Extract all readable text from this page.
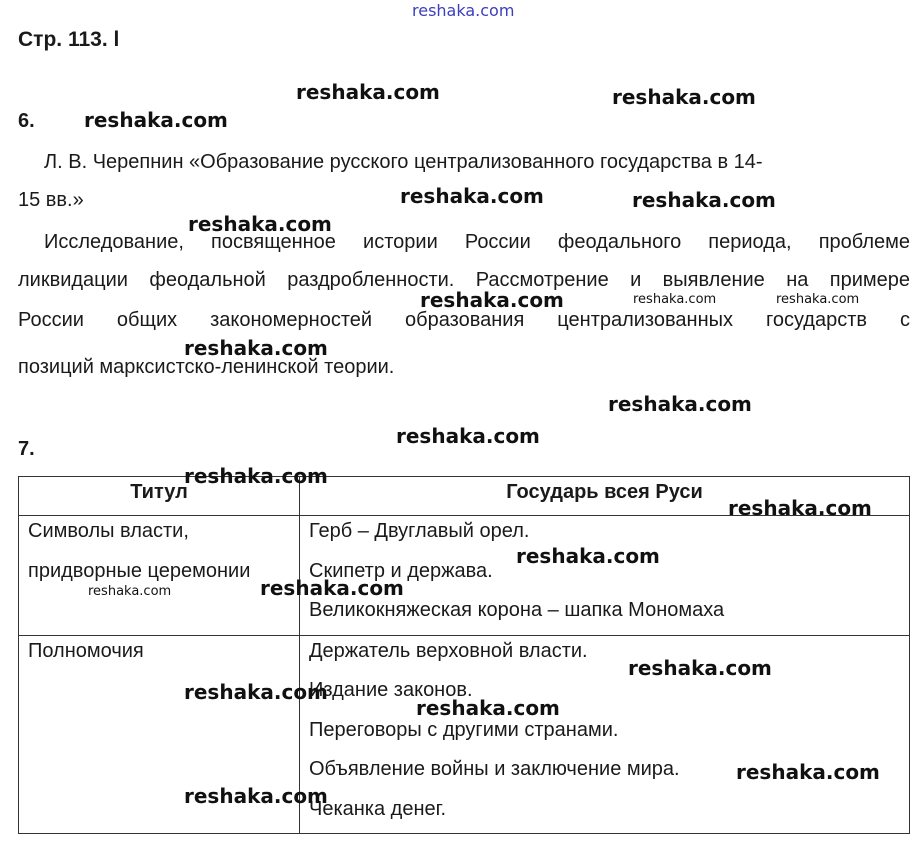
reshaka.com
Стр. 113. l
6.
Л. В. Черепнин «Образование русского централизованного государства в 14-
15 вв.»
Исследование, посвященное истории России феодального периода, проблеме
ликвидации феодальной раздробленности. Рассмотрение и выявление на примере
России общих закономерностей образования централизованных государств с
позиций марксистско-ленинской теории.
7.
Титул	Государь всея Руси

Символы власти,
придворные церемонии	Герб – Двуглавый орел.
Скипетр и держава.
Великокняжеская корона – шапка Мономаха

Полномочия	Держатель верховной власти.
Издание законов.
Переговоры с другими странами.
Объявление войны и заключение мира.
Чеканка денег.
reshaka.com	reshaka.com
reshaka.com
reshaka.com	reshaka.com
reshaka.com
reshaka.com	reshaka.com	reshaka.com
reshaka.com
reshaka.com
reshaka.com
reshaka.com
reshaka.com
reshaka.com
reshaka.com
reshaka.com
reshaka.com
reshaka.com
reshaka.com
reshaka.com
reshaka.com
